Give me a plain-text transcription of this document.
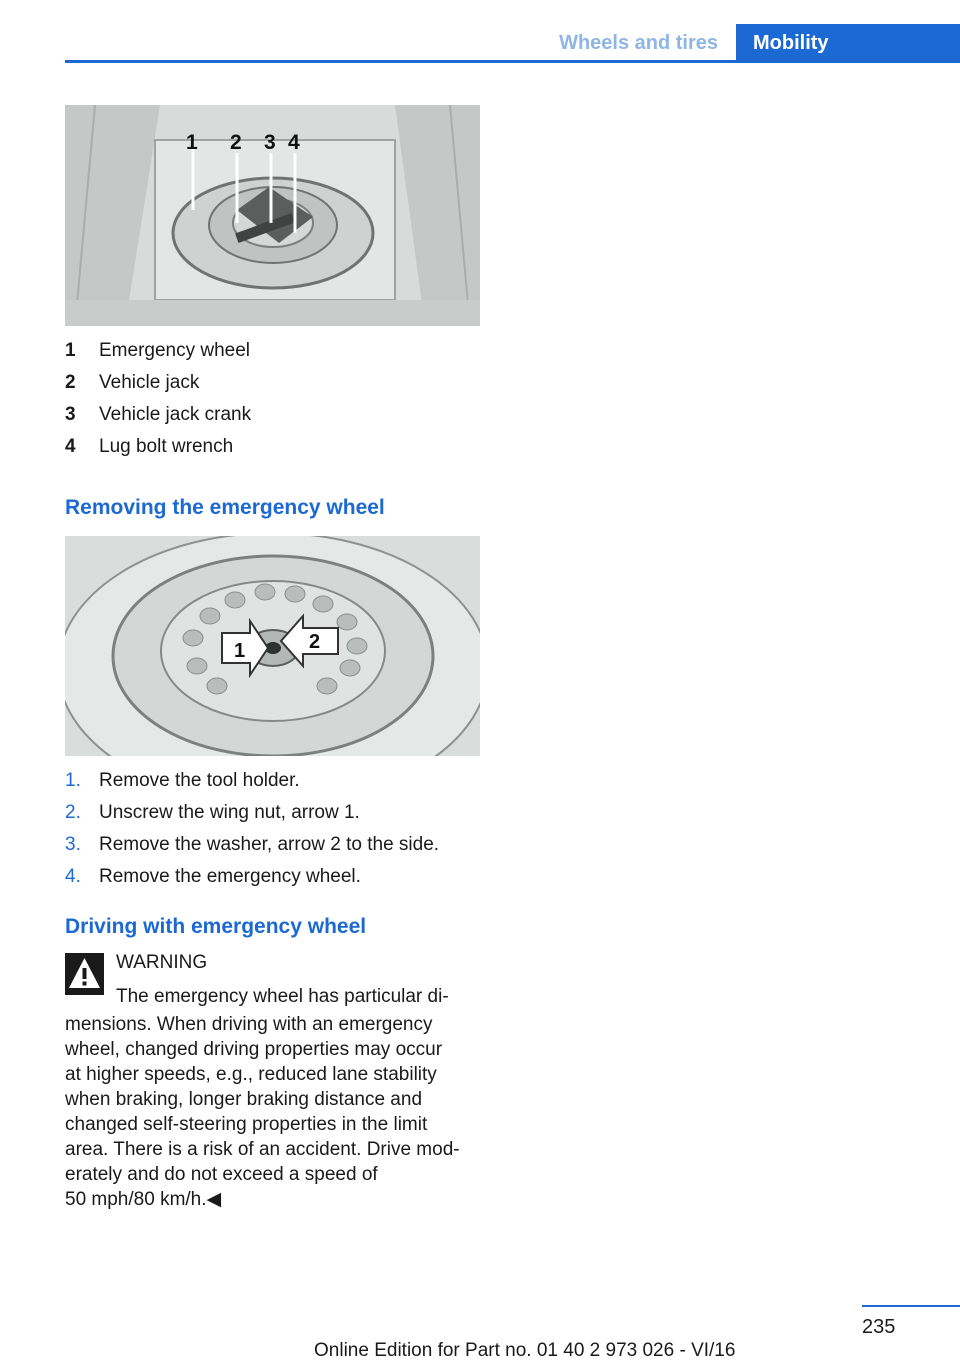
Wheels and tires	Mobility
1 2 3 4
1 Emergency wheel
2 Vehicle jack
3 Vehicle jack crank
4 Lug bolt wrench
Removing the emergency wheel
1	2
1. Remove the tool holder.
2. Unscrew the wing nut, arrow 1.
3. Remove the washer, arrow 2 to the side.
4. Remove the emergency wheel.
Driving with emergency wheel
WARNING
The emergency wheel has particular di‐
mensions. When driving with an emergency
wheel, changed driving properties may occur
at higher speeds, e.g., reduced lane stability
when braking, longer braking distance and
changed self-steering properties in the limit
area. There is a risk of an accident. Drive mod‐
erately and do not exceed a speed of
50 mph/80 km/h.◀
235
Online Edition for Part no. 01 40 2 973 026 - VI/16
